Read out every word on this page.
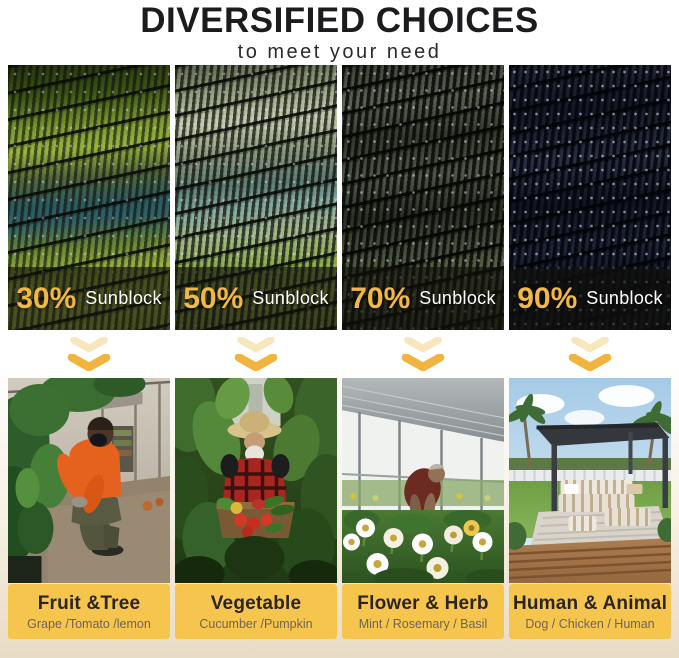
DIVERSIFIED CHOICES
to meet your need
30% Sunblock
Fruit &Tree
Grape /Tomato /lemon
50% Sunblock
Vegetable
Cucumber /Pumpkin
70% Sunblock
Flower & Herb
Mint / Rosemary / Basil
90% Sunblock
Human & Animal
Dog / Chicken / Human
